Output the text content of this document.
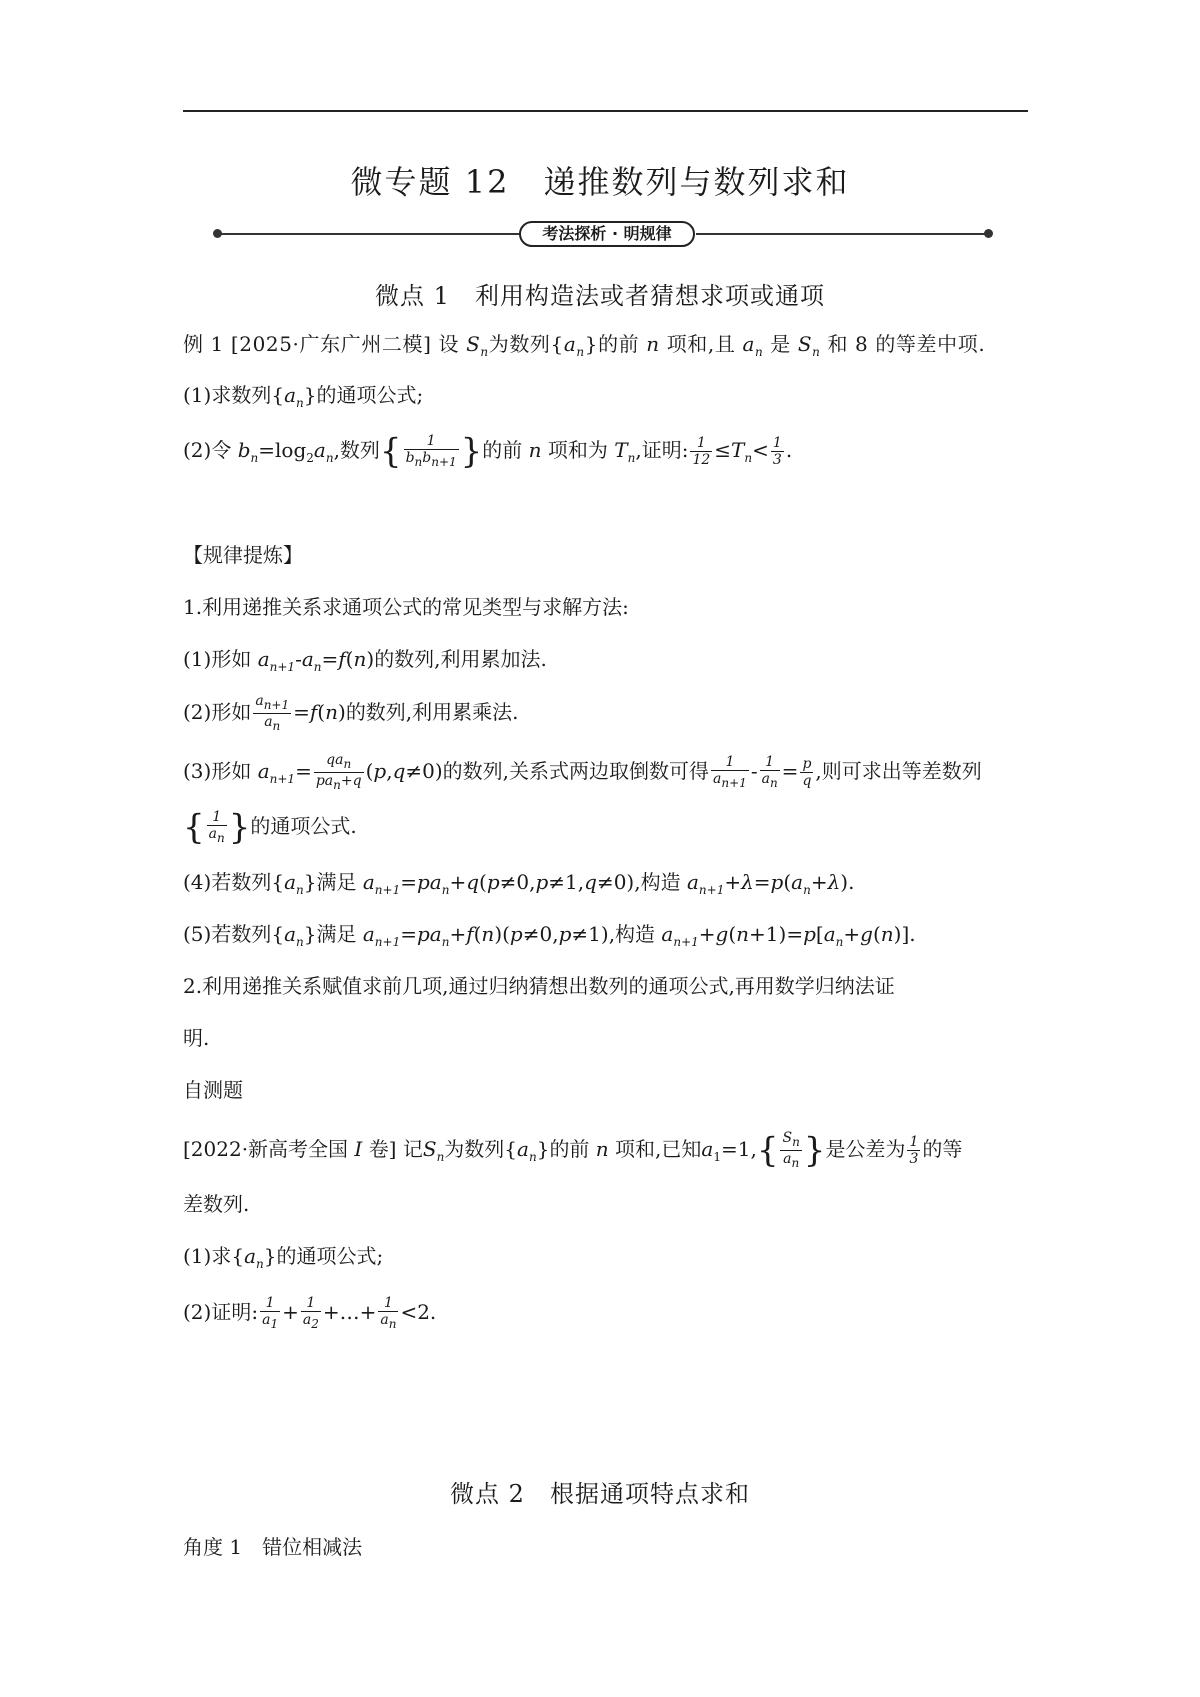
微专题 12　递推数列与数列求和
考法探析 · 明规律
微点 1　利用构造法或者猜想求项或通项
例 1 [2025·广东广州二模] 设 $S_n$为数列$\{a_n\}$的前 n 项和,且 $a_n$ 是 $S_n$ 和 8 的等差中项.
(1)求数列$\{a_n\}$的通项公式;
(2)令 $b_n=\log_2a_n$,数列{ $\frac{1}{b_nb_{n+1}}$ }的前 n 项和为 $T_n$,证明: $\frac{1}{12} \le T_n< \frac{1}{3}$ .
【规律提炼】
1.利用递推关系求通项公式的常见类型与求解方法:
(1)形如 $a_{n+1}-a_n=f(n)$的数列,利用累加法.
(2)形如 $\frac{a_{n+1}}{a_n} =f(n)$的数列,利用累乘法.
(3)形如 $a_{n+1}= \frac{qa_n}{pa_n+q} (p,q\ne 0)$的数列,关系式两边取倒数可得 $\frac{1}{a_{n+1}} - \frac{1}{a_n} = \frac{p}{q}$ ,则可求出等差数列
{ $\frac{1}{a_n}$ }的通项公式.
(4)若数列$\{a_n\}$满足 $a_{n+1}=pa_n+q(p\ne 0,p\ne 1,q\ne 0)$,构造 $a_{n+1}+\lambda=p(a_n+\lambda)$.
(5)若数列$\{a_n\}$满足 $a_{n+1}=pa_n+f(n)(p\ne 0,p\ne 1)$,构造 $a_{n+1}+g(n+1)=p[a_n+g(n)]$.
2.利用递推关系赋值求前几项,通过归纳猜想出数列的通项公式,再用数学归纳法证
明.
自测题
[2022·新高考全国 I 卷] 记$S_n$为数列$\{a_n\}$的前 n 项和,已知$a_1=1,\{ \frac{S_n}{a_n}$ }是公差为 $\frac{1}{3}$ 的等
差数列.
(1)求$\{a_n\}$的通项公式;
(2)证明: $\frac{1}{a_1} + \frac{1}{a_2}$ +…+ $\frac{1}{a_n} <2$.
微点 2　根据通项特点求和
角度 1　错位相减法
